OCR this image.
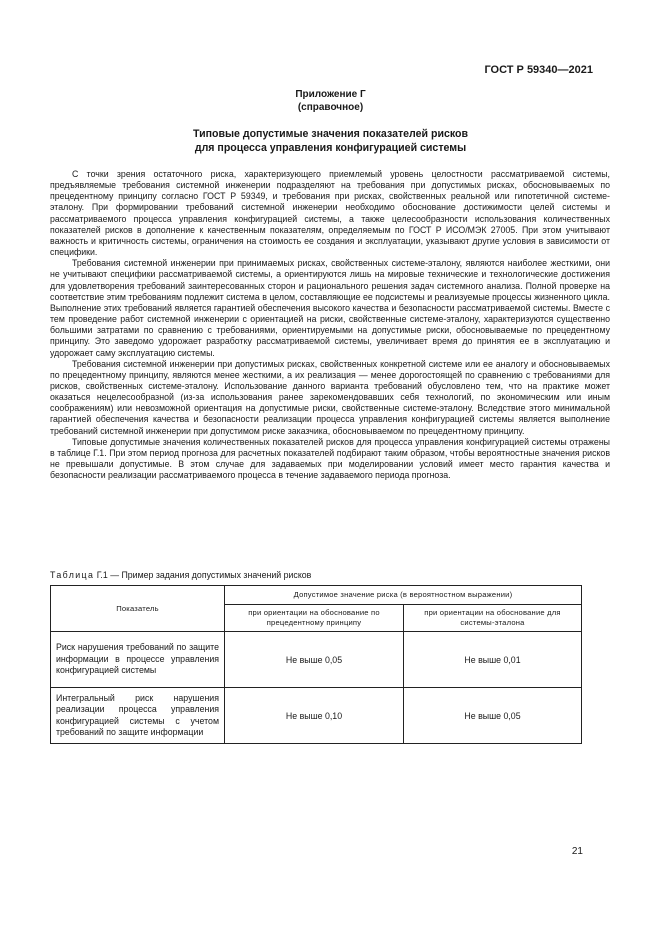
ГОСТ Р 59340—2021
Приложение Г
(справочное)
Типовые допустимые значения показателей рисков
для процесса управления конфигурацией системы

С точки зрения остаточного риска, характеризующего приемлемый уровень целостности рассматриваемой системы, предъявляемые требования системной инженерии подразделяют на требования при допустимых рисках, обосновываемых по прецедентному принципу согласно ГОСТ Р 59349, и требования при рисках, свойственных реальной или гипотетичной системе-эталону. При формировании требований системной инженерии необходимо обоснование достижимости целей системы и рассматриваемого процесса управления конфигурацией системы, а также целесообразности использования количественных показателей рисков в дополнение к качественным показателям, определяемым по ГОСТ Р ИСО/МЭК 27005. При этом учитывают важность и критичность системы, ограничения на стоимость ее создания и эксплуатации, указывают другие условия в зависимости от специфики.

Требования системной инженерии при принимаемых рисках, свойственных системе-эталону, являются наиболее жесткими, они не учитывают специфики рассматриваемой системы, а ориентируются лишь на мировые технические и технологические достижения для удовлетворения требований заинтересованных сторон и рационального решения задач системного анализа. Полной проверке на соответствие этим требованиям подлежит система в целом, составляющие ее подсистемы и реализуемые процессы жизненного цикла. Выполнение этих требований является гарантией обеспечения высокого качества и безопасности рассматриваемой системы. Вместе с тем проведение работ системной инженерии с ориентацией на риски, свойственные системе-эталону, характеризуются существенно большими затратами по сравнению с требованиями, ориентируемыми на допустимые риски, обосновываемые по прецедентному принципу. Это заведомо удорожает разработку рассматриваемой системы, увеличивает время до принятия ее в эксплуатацию и удорожает саму эксплуатацию системы.

Требования системной инженерии при допустимых рисках, свойственных конкретной системе или ее аналогу и обосновываемых по прецедентному принципу, являются менее жесткими, а их реализация — менее дорогостоящей по сравнению с требованиями для рисков, свойственных системе-эталону. Использование данного варианта требований обусловлено тем, что на практике может оказаться нецелесообразной (из-за использования ранее зарекомендовавших себя технологий, по экономическим или иным соображениям) или невозможной ориентация на допустимые риски, свойственные системе-эталону. Вследствие этого минимальной гарантией обеспечения качества и безопасности реализации процесса управления конфигурацией системы является выполнение требований системной инженерии при допустимом риске заказчика, обосновываемом по прецедентному принципу.

Типовые допустимые значения количественных показателей рисков для процесса управления конфигурацией системы отражены в таблице Г.1. При этом период прогноза для расчетных показателей подбирают таким образом, чтобы вероятностные значения рисков не превышали допустимые. В этом случае для задаваемых при моделировании условий имеет место гарантия качества и безопасности реализации рассматриваемого процесса в течение задаваемого периода прогноза.

Таблица Г.1 — Пример задания допустимых значений рисков
Показатель	Допустимое значение риска (в вероятностном выражении)	
	при ориентации на обоснование по прецедентному принципу	при ориентации на обоснование для системы-эталона
Риск нарушения требований по защите информации в процессе управления конфигурацией системы	Не выше 0,05	Не выше 0,01
Интегральный риск нарушения реализации процесса управления конфигурацией системы с учетом требований по защите информации	Не выше 0,10	Не выше 0,05
21
